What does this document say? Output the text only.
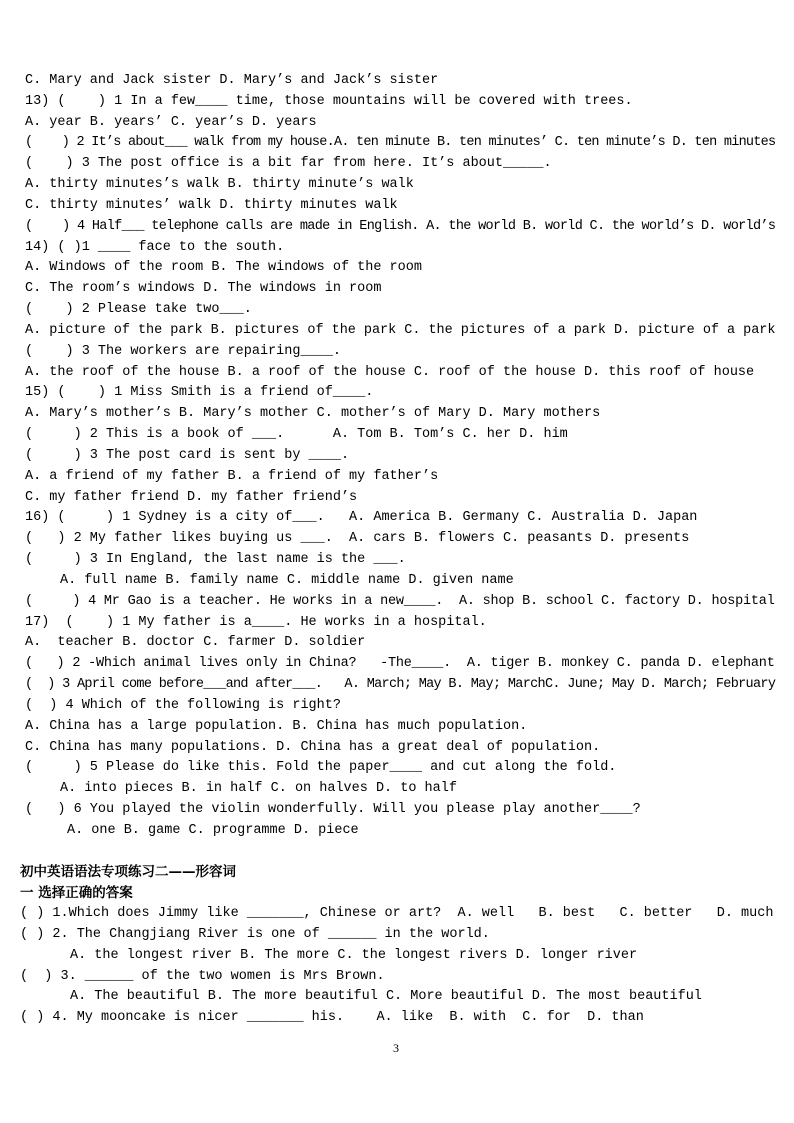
C. Mary and Jack sister D. Mary’s and Jack’s sister
13) (    ) 1 In a few____ time, those mountains will be covered with trees.
A. year B. years’ C. year’s D. years
(    ) 2 It’s about___ walk from my house.A. ten minute B. ten minutes’ C. ten minute’s D. ten minutes
(    ) 3 The post office is a bit far from here. It’s about_____.
A. thirty minutes’s walk B. thirty minute’s walk
C. thirty minutes’ walk D. thirty minutes walk
(    ) 4 Half___ telephone calls are made in English. A. the world B. world C. the world’s D. world’s
14) ( )1 ____ face to the south.
A. Windows of the room B. The windows of the room
C. The room’s windows D. The windows in room
(    ) 2 Please take two___.
A. picture of the park B. pictures of the park C. the pictures of a park D. picture of a park
(    ) 3 The workers are repairing____.
A. the roof of the house B. a roof of the house C. roof of the house D. this roof of house
15) (    ) 1 Miss Smith is a friend of____.
A. Mary’s mother’s B. Mary’s mother C. mother’s of Mary D. Mary mothers
(     ) 2 This is a book of ___.      A. Tom B. Tom’s C. her D. him
(     ) 3 The post card is sent by ____.
A. a friend of my father B. a friend of my father’s
C. my father friend D. my father friend’s
16) (     ) 1 Sydney is a city of___.   A. America B. Germany C. Australia D. Japan
(   ) 2 My father likes buying us ___.  A. cars B. flowers C. peasants D. presents
(     ) 3 In England, the last name is the ___.
A. full name B. family name C. middle name D. given name
(     ) 4 Mr Gao is a teacher. He works in a new____.  A. shop B. school C. factory D. hospital
17)  (    ) 1 My father is a____. He works in a hospital.
A.  teacher B. doctor C. farmer D. soldier
(   ) 2 -Which animal lives only in China?   -The____.  A. tiger B. monkey C. panda D. elephant
(  ) 3 April come before___and after___.   A. March; May B. May; MarchC. June; May D. March; February
(  ) 4 Which of the following is right?
A. China has a large population. B. China has much population.
C. China has many populations. D. China has a great deal of population.
(     ) 5 Please do like this. Fold the paper____ and cut along the fold.
A. into pieces B. in half C. on halves D. to half
(   ) 6 You played the violin wonderfully. Will you please play another____?
A. one B. game C. programme D. piece
初中英语语法专项练习二——形容词
一 选择正确的答案
( ) 1.Which does Jimmy like _______, Chinese or art?  A. well   B. best   C. better   D. much
( ) 2. The Changjiang River is one of ______ in the world.
A. the longest river B. The more C. the longest rivers D. longer river
(  ) 3. ______ of the two women is Mrs Brown.
A. The beautiful B. The more beautiful C. More beautiful D. The most beautiful
( ) 4. My mooncake is nicer _______ his.    A. like  B. with  C. for  D. than
3
